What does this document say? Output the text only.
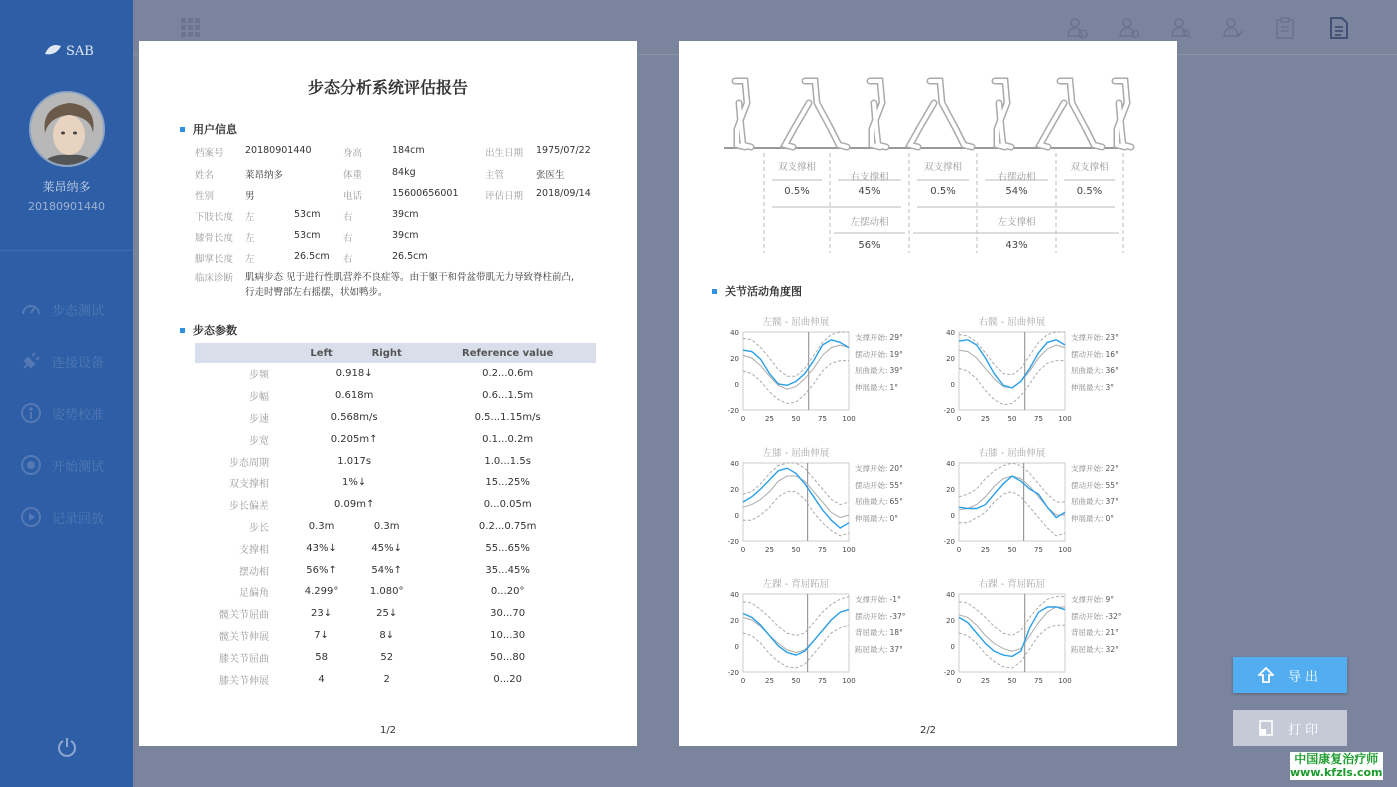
SAB
莱昂纳多
20180901440
步态测试
连接设备
姿势校准
开始测试
记录回放
步态分析系统评估报告
用户信息
档案号 20180901440	身高	184cm	出生日期 1975/07/22
姓名	莱昂纳多	体重	84kg	主管	张医生
性别	男	电话	15600656001	评估日期 2018/09/14
下肢长度 左	53cm 右	39cm
膝骨长度 左	53cm 右	39cm
脚掌长度 左	26.5cm 右	26.5cm
临床诊断 肌病步态 见于进行性肌营养不良症等。由于躯干和骨盆带肌无力导致脊柱前凸,
行走时臀部左右摇摆，状如鸭步。
步态参数
	Left	Right	Reference value
步频	0.918↓		0.2...0.6m
步幅	0.618m		0.6...1.5m
步速	0.568m/s		0.5...1.15m/s
步宽	0.205m↑		0.1...0.2m
步态周期	1.017s		1.0...1.5s
双支撑相	1%↓		15...25%
步长偏差	0.09m↑		0...0.05m
步长	0.3m	0.3m	0.2...0.75m
支撑相	43%↓	45%↓	55...65%
摆动相	56%↑	54%↑	35...45%
足偏角	4.299°	1.080°	0...20°
髋关节屈曲	23↓	25↓	30...70
髋关节伸展	7↓	8↓	10...30
膝关节屈曲	58	52	50...80
膝关节伸展	4	2	0...20
1/2
关节活动角度图
2/2
双支撑相
0.5%
右支撑相
45%
双支撑相
0.5%
右摆动相
54%
双支撑相
0.5%
左摆动相
56%
左支撑相
43%
左髋 - 屈曲伸展
40
20
0
-20
0	25	50	75 100
支撑开始: 29°
摆动开始: 19°
屈曲最大: 39°
伸展最大: 1°
右髋 - 屈曲伸展
40
20
0
-20
0	25	50	75 100
支撑开始: 23°
摆动开始: 16°
屈曲最大: 36°
伸展最大: 3°
左膝 - 屈曲伸展
40
20
0
-20
0	25	50	75 100
支撑开始: 20°
摆动开始: 55°
屈曲最大: 65°
伸展最大: 0°
右膝 - 屈曲伸展
40
20
0
-20
0	25	50	75 100
支撑开始: 22°
摆动开始: 55°
屈曲最大: 37°
伸展最大: 0°
左踝 - 背屈跖屈
40
20
0
-20
0	25	50	75 100
支撑开始: -1°
摆动开始: -37°
背屈最大: 18°
跖屈最大: 37°
右踝 - 背屈跖屈
40
20
0
-20
0	25	50	75 100
支撑开始: 9°
摆动开始: -32°
背屈最大: 21°
跖屈最大: 32°
导出
打印
中国康复治疗师
www.kfzls.com
